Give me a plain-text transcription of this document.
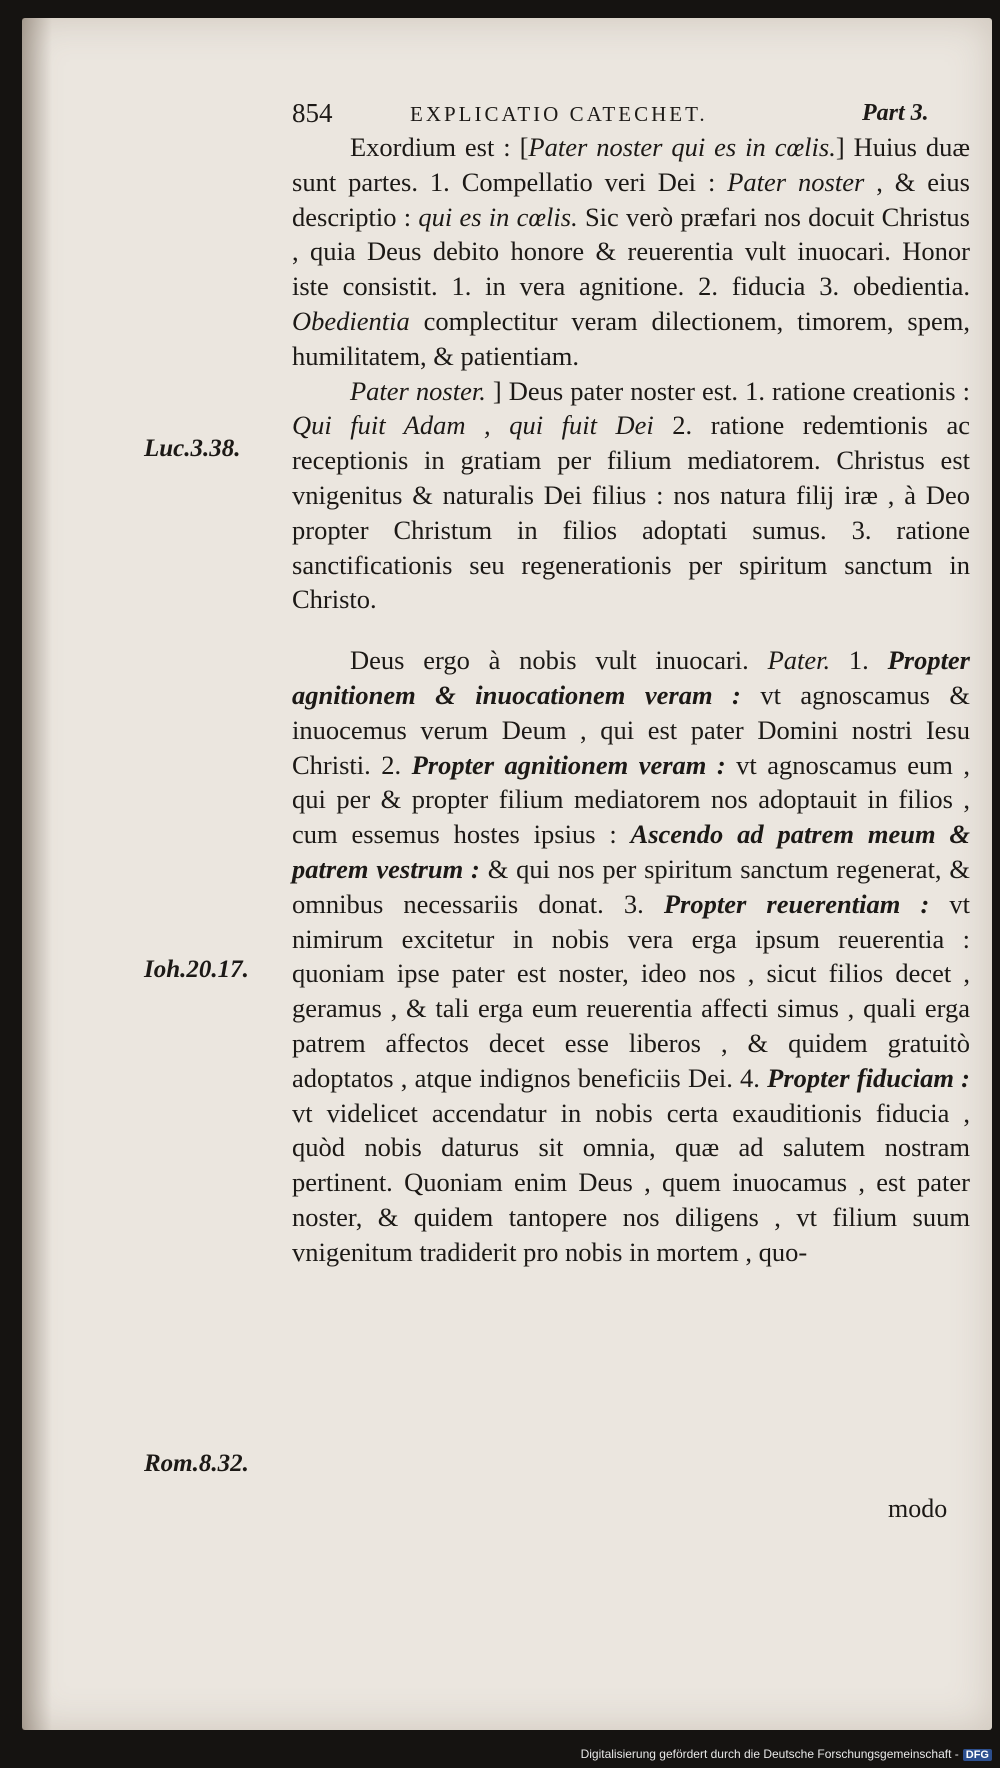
854	EXPLICATIO CATECHET.	Part 3.
Luc.3.38.
Ioh.20.17.
Rom.8.32.

Exordium est : [Pater noster qui es in cœlis.] Huius duæ sunt partes. 1. Compellatio veri Dei : Pater noster , & eius descriptio : qui es in cœlis. Sic verò præfari nos docuit Christus , quia Deus debito honore & reuerentia vult inuocari. Honor iste consistit. 1. in vera agnitione. 2. fiducia 3. obedientia. Obedientia complectitur veram dilectionem, timorem, spem, humilitatem, & patientiam.

Pater noster. ] Deus pater noster est. 1. ratione creationis : Qui fuit Adam , qui fuit Dei 2. ratione redemtionis ac receptionis in gratiam per filium mediatorem. Christus est vnigenitus & naturalis Dei filius : nos natura filij iræ , à Deo propter Christum in filios adoptati sumus. 3. ratione sanctificationis seu regenerationis per spiritum sanctum in Christo.

Deus ergo à nobis vult inuocari. Pater. 1. Propter agnitionem & inuocationem veram : vt agnoscamus & inuocemus verum Deum , qui est pater Domini nostri Iesu Christi. 2. Propter agnitionem veram : vt agnoscamus eum , qui per & propter filium mediatorem nos adoptauit in filios , cum essemus hostes ipsius : Ascendo ad patrem meum & patrem vestrum : & qui nos per spiritum sanctum regenerat, & omnibus necessariis donat. 3. Propter reuerentiam : vt nimirum excitetur in nobis vera erga ipsum reuerentia : quoniam ipse pater est noster, ideo nos , sicut filios decet , geramus , & tali erga eum reuerentia affecti simus , quali erga patrem affectos decet esse liberos , & quidem gratuitò adoptatos , atque indignos beneficiis Dei. 4. Propter fiduciam : vt videlicet accendatur in nobis certa exauditionis fiducia , quòd nobis daturus sit omnia, quæ ad salutem nostram pertinent. Quoniam enim Deus , quem inuocamus , est pater noster, & quidem tantopere nos diligens , vt filium suum vnigenitum tradiderit pro nobis in mortem , quo-

modo
Digitalisierung gefördert durch die Deutsche Forschungsgemeinschaft - DFG
